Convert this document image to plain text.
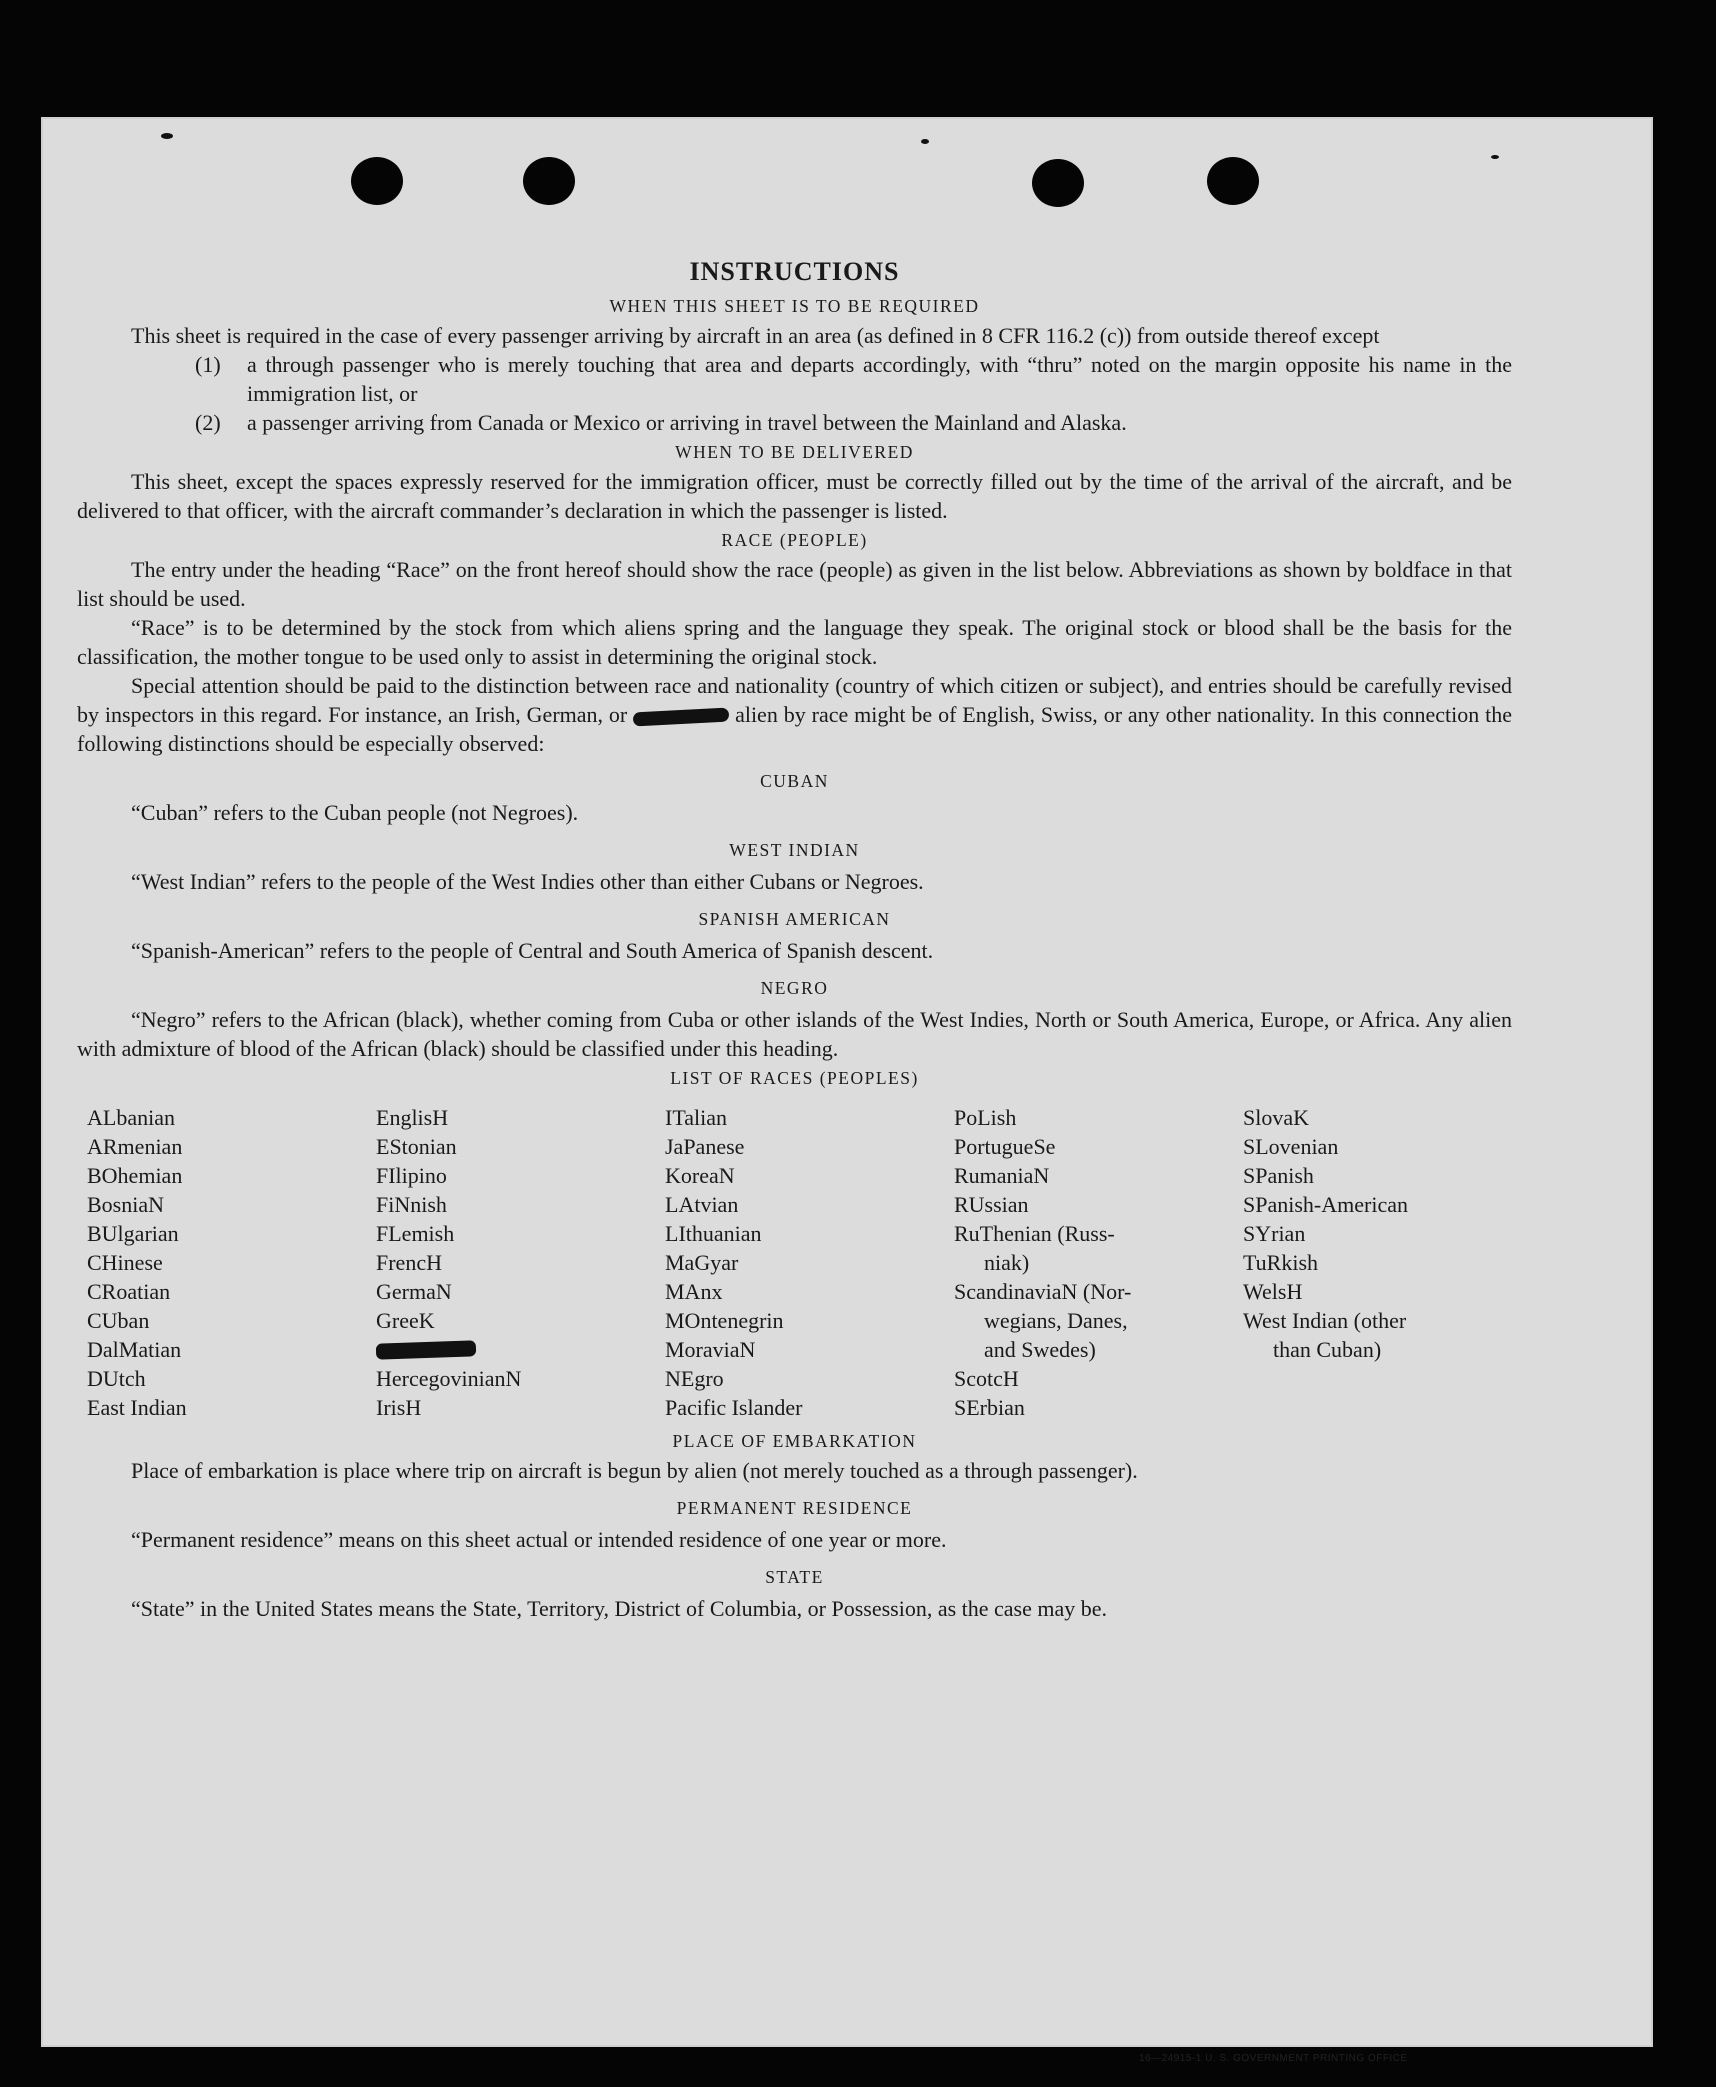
INSTRUCTIONS
WHEN THIS SHEET IS TO BE REQUIRED

This sheet is required in the case of every passenger arriving by aircraft in an area (as defined in 8 CFR 116.2 (c)) from outside thereof except

(1)	a through passenger who is merely touching that area and departs accordingly, with “thru” noted on the margin opposite his name in the immigration list, or
(2)	a passenger arriving from Canada or Mexico or arriving in travel between the Mainland and Alaska.
WHEN TO BE DELIVERED

This sheet, except the spaces expressly reserved for the immigration officer, must be correctly filled out by the time of the arrival of the aircraft, and be delivered to that officer, with the aircraft commander’s declaration in which the passenger is listed.

RACE (PEOPLE)

The entry under the heading “Race” on the front hereof should show the race (people) as given in the list below. Abbreviations as shown by boldface in that list should be used.

“Race” is to be determined by the stock from which aliens spring and the language they speak. The original stock or blood shall be the basis for the classification, the mother tongue to be used only to assist in determining the original stock.

Special attention should be paid to the distinction between race and nationality (country of which citizen or subject), and entries should be carefully revised by inspectors in this regard. For instance, an Irish, German, or	alien by race might be of English, Swiss, or any other nationality. In this connection the following distinctions should be especially observed:

CUBAN

“Cuban” refers to the Cuban people (not Negroes).

WEST INDIAN

“West Indian” refers to the people of the West Indies other than either Cubans or Negroes.

SPANISH AMERICAN

“Spanish-American” refers to the people of Central and South America of Spanish descent.

NEGRO

“Negro” refers to the African (black), whether coming from Cuba or other islands of the West Indies, North or South America, Europe, or Africa. Any alien with admixture of blood of the African (black) should be classified under this heading.

LIST OF RACES (PEOPLES)
ALbanian
ARmenian
BOhemian
BosniaN
BUlgarian
CHinese
CRoatian
CUban
DalMatian
DUtch
East Indian
EnglisH
EStonian
FIlipino
FiNnish
FLemish
FrencH
GermaN
GreeK
HercegovinianN
IrisH
ITalian
JaPanese
KoreaN
LAtvian
LIthuanian
MaGyar
MAnx
MOntenegrin
MoraviaN
NEgro
Pacific Islander
PoLish
PortugueSe
RumaniaN
RUssian
RuThenian (Russ-
niak)
ScandinaviaN (Nor-
wegians, Danes,
and Swedes)
ScotcH
SErbian
SlovaK
SLovenian
SPanish
SPanish-American
SYrian
TuRkish
WelsH
West Indian (other
than Cuban)
PLACE OF EMBARKATION

Place of embarkation is place where trip on aircraft is begun by alien (not merely touched as a through passenger).

PERMANENT RESIDENCE

“Permanent residence” means on this sheet actual or intended residence of one year or more.

STATE

“State” in the United States means the State, Territory, District of Columbia, or Possession, as the case may be.

16—24915-1 U. S. GOVERNMENT PRINTING OFFICE
